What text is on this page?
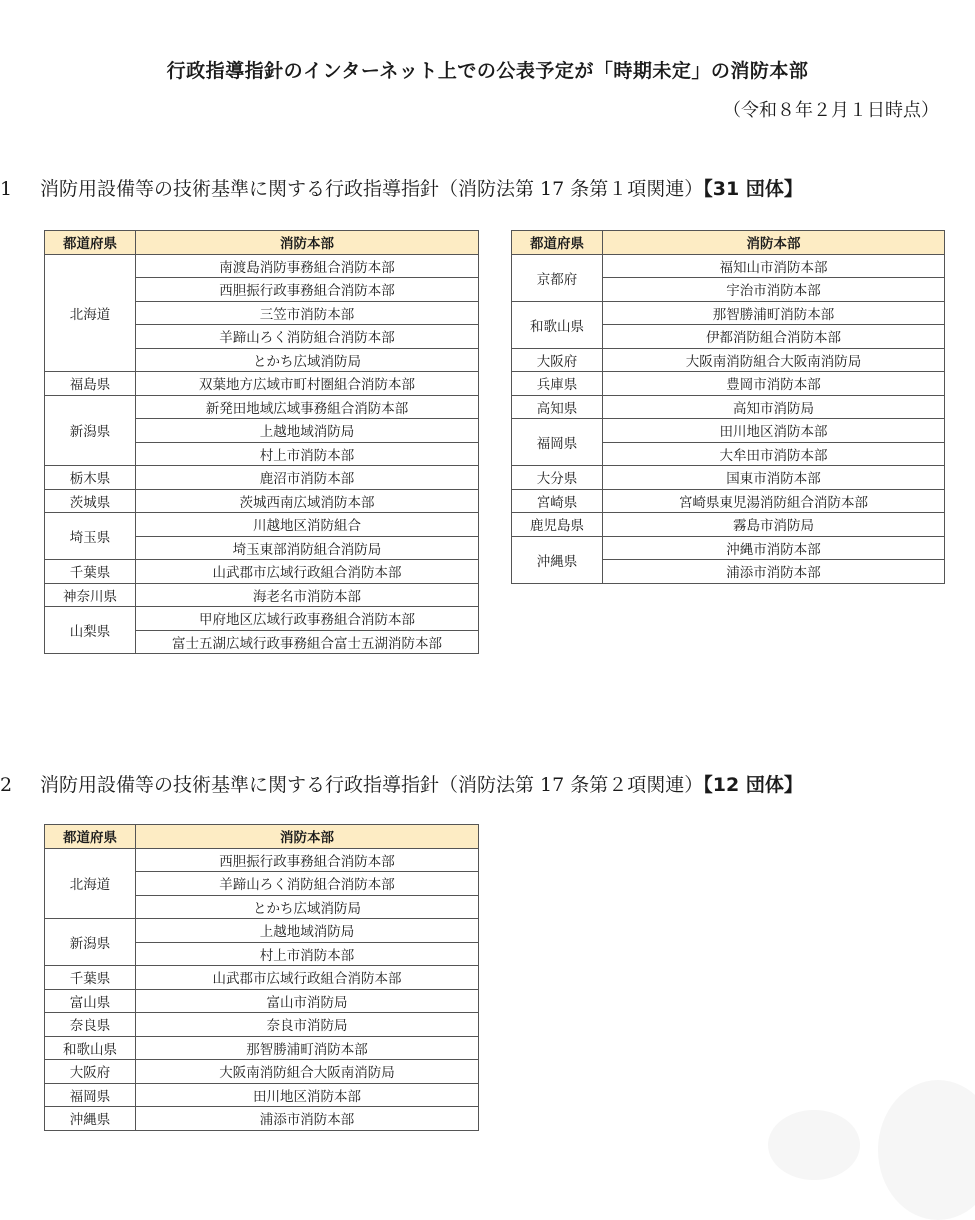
行政指導指針のインターネット上での公表予定が「時期未定」の消防本部
（令和８年２月１日時点）
1 消防用設備等の技術基準に関する行政指導指針（消防法第 17 条第１項関連）【31 団体】
都道府県	消防本部
北海道	南渡島消防事務組合消防本部
	西胆振行政事務組合消防本部
	三笠市消防本部
	羊蹄山ろく消防組合消防本部
	とかち広域消防局
福島県	双葉地方広域市町村圏組合消防本部
新潟県	新発田地域広域事務組合消防本部
	上越地域消防局
	村上市消防本部
栃木県	鹿沼市消防本部
茨城県	茨城西南広域消防本部
埼玉県	川越地区消防組合
	埼玉東部消防組合消防局
千葉県	山武郡市広域行政組合消防本部
神奈川県	海老名市消防本部
山梨県	甲府地区広域行政事務組合消防本部
	富士五湖広域行政事務組合富士五湖消防本部
都道府県	消防本部
京都府	福知山市消防本部
	宇治市消防本部
和歌山県	那智勝浦町消防本部
	伊都消防組合消防本部
大阪府	大阪南消防組合大阪南消防局
兵庫県	豊岡市消防本部
高知県	高知市消防局
福岡県	田川地区消防本部
	大牟田市消防本部
大分県	国東市消防本部
宮崎県	宮崎県東児湯消防組合消防本部
鹿児島県	霧島市消防局
沖縄県	沖縄市消防本部
	浦添市消防本部
2 消防用設備等の技術基準に関する行政指導指針（消防法第 17 条第２項関連）【12 団体】
都道府県	消防本部
北海道	西胆振行政事務組合消防本部
	羊蹄山ろく消防組合消防本部
	とかち広域消防局
新潟県	上越地域消防局
	村上市消防本部
千葉県	山武郡市広域行政組合消防本部
富山県	富山市消防局
奈良県	奈良市消防局
和歌山県	那智勝浦町消防本部
大阪府	大阪南消防組合大阪南消防局
福岡県	田川地区消防本部
沖縄県	浦添市消防本部
